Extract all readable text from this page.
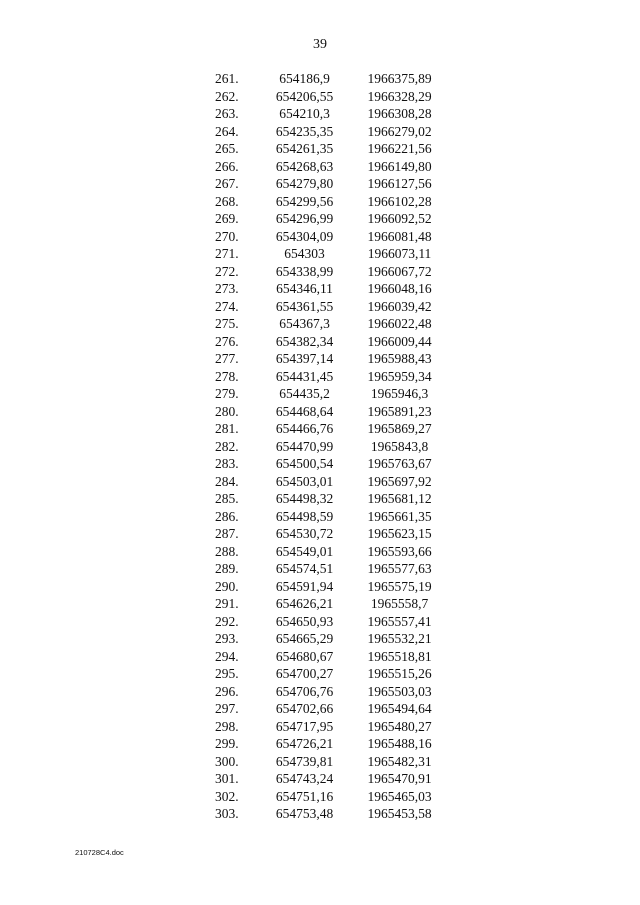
39
261.	654186,9	1966375,89
262.	654206,55	1966328,29
263.	654210,3	1966308,28
264.	654235,35	1966279,02
265.	654261,35	1966221,56
266.	654268,63	1966149,80
267.	654279,80	1966127,56
268.	654299,56	1966102,28
269.	654296,99	1966092,52
270.	654304,09	1966081,48
271.	654303	1966073,11
272.	654338,99	1966067,72
273.	654346,11	1966048,16
274.	654361,55	1966039,42
275.	654367,3	1966022,48
276.	654382,34	1966009,44
277.	654397,14	1965988,43
278.	654431,45	1965959,34
279.	654435,2	1965946,3
280.	654468,64	1965891,23
281.	654466,76	1965869,27
282.	654470,99	1965843,8
283.	654500,54	1965763,67
284.	654503,01	1965697,92
285.	654498,32	1965681,12
286.	654498,59	1965661,35
287.	654530,72	1965623,15
288.	654549,01	1965593,66
289.	654574,51	1965577,63
290.	654591,94	1965575,19
291.	654626,21	1965558,7
292.	654650,93	1965557,41
293.	654665,29	1965532,21
294.	654680,67	1965518,81
295.	654700,27	1965515,26
296.	654706,76	1965503,03
297.	654702,66	1965494,64
298.	654717,95	1965480,27
299.	654726,21	1965488,16
300.	654739,81	1965482,31
301.	654743,24	1965470,91
302.	654751,16	1965465,03
303.	654753,48	1965453,58
210728C4.doc
